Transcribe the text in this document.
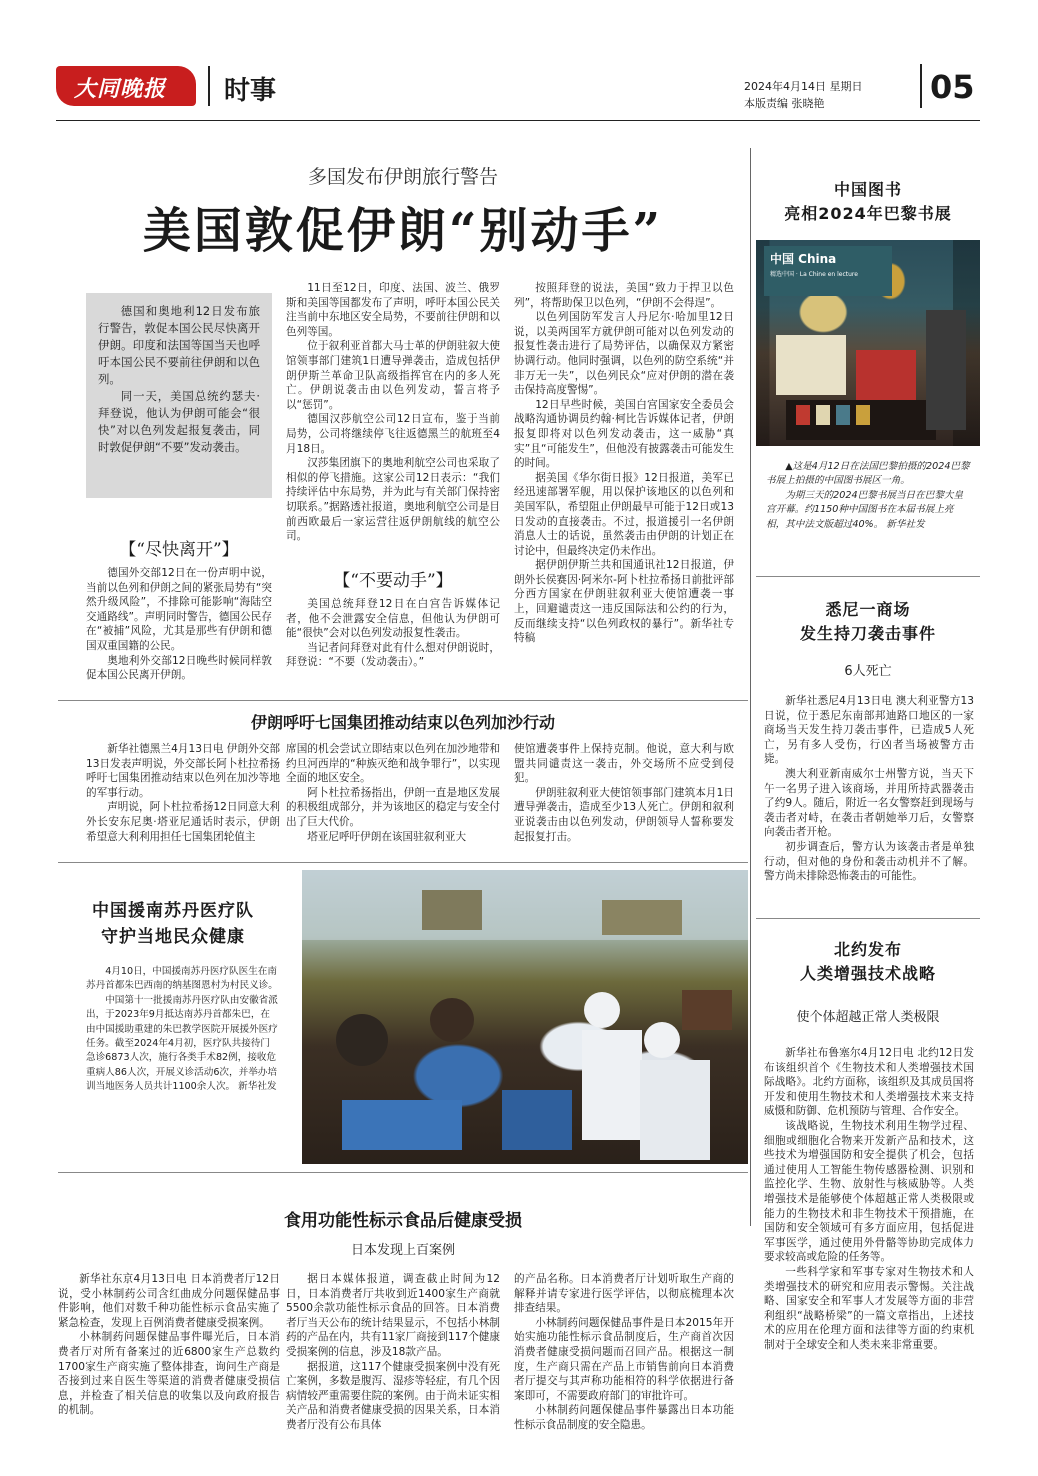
大同晚报 时事	2024年4月14日 星期日
本版责编 张晓艳	05
多国发布伊朗旅行警告
美国敦促伊朗“别动手”

德国和奥地利12日发布旅行警告，敦促本国公民尽快离开伊朗。印度和法国等国当天也呼吁本国公民不要前往伊朗和以色列。

同一天，美国总统约瑟夫·拜登说，他认为伊朗可能会“很快”对以色列发起报复袭击，同时敦促伊朗“不要”发动袭击。

【“尽快离开”】

德国外交部12日在一份声明中说，当前以色列和伊朗之间的紧张局势有“突然升级风险”，不排除可能影响“海陆空交通路线”。声明同时警告，德国公民存在“被捕”风险，尤其是那些有伊朗和德国双重国籍的公民。

奥地利外交部12日晚些时候同样敦促本国公民离开伊朗。

11日至12日，印度、法国、波兰、俄罗斯和美国等国都发布了声明，呼吁本国公民关注当前中东地区安全局势，不要前往伊朗和以色列等国。

位于叙利亚首都大马士革的伊朗驻叙大使馆领事部门建筑1日遭导弹袭击，造成包括伊朗伊斯兰革命卫队高级指挥官在内的多人死亡。伊朗说袭击由以色列发动，誓言将予以“惩罚”。

德国汉莎航空公司12日宣布，鉴于当前局势，公司将继续停飞往返德黑兰的航班至4月18日。

汉莎集团旗下的奥地利航空公司也采取了相似的停飞措施。这家公司12日表示：“我们持续评估中东局势，并为此与有关部门保持密切联系。”据路透社报道，奥地利航空公司是目前西欧最后一家运营往返伊朗航线的航空公司。

【“不要动手”】

美国总统拜登12日在白宫告诉媒体记者，他不会泄露安全信息，但他认为伊朗可能“很快”会对以色列发动报复性袭击。

当记者问拜登对此有什么想对伊朗说时，拜登说：“不要（发动袭击）。”

按照拜登的说法，美国“致力于捍卫以色列”，将帮助保卫以色列，“伊朗不会得逞”。

以色列国防军发言人丹尼尔·哈加里12日说，以美两国军方就伊朗可能对以色列发动的报复性袭击进行了局势评估，以确保双方紧密协调行动。他同时强调，以色列的防空系统“并非万无一失”，以色列民众“应对伊朗的潜在袭击保持高度警惕”。

12日早些时候，美国白宫国家安全委员会战略沟通协调员约翰·柯比告诉媒体记者，伊朗报复即将对以色列发动袭击，这一威胁“真实”且“可能发生”，但他没有披露袭击可能发生的时间。

据美国《华尔街日报》12日报道，美军已经迅速部署军舰，用以保护该地区的以色列和美国军队，希望阻止伊朗最早可能于12日或13日发动的直接袭击。不过，报道援引一名伊朗消息人士的话说，虽然袭击由伊朗的计划正在讨论中，但最终决定仍未作出。

据伊朗伊斯兰共和国通讯社12日报道，伊朗外长侯赛因·阿米尔-阿卜杜拉希扬日前批评部分西方国家在伊朗驻叙利亚大使馆遭袭一事上，回避谴责这一违反国际法和公约的行为，反而继续支持“以色列政权的暴行”。新华社专特稿

伊朗呼吁七国集团推动结束以色列加沙行动

新华社德黑兰4月13日电 伊朗外交部13日发表声明说，外交部长阿卜杜拉希扬呼吁七国集团推动结束以色列在加沙等地的军事行动。

声明说，阿卜杜拉希扬12日同意大利外长安东尼奥·塔亚尼通话时表示，伊朗希望意大利利用担任七国集团轮值主

席国的机会尝试立即结束以色列在加沙地带和约旦河西岸的“种族灭绝和战争罪行”，以实现全面的地区安全。

阿卜杜拉希扬指出，伊朗一直是地区发展的积极组成部分，并为该地区的稳定与安全付出了巨大代价。

塔亚尼呼吁伊朗在该国驻叙利亚大

使馆遭袭事件上保持克制。他说，意大利与欧盟共同谴责这一袭击，外交场所不应受到侵犯。

伊朗驻叙利亚大使馆领事部门建筑本月1日遭导弹袭击，造成至少13人死亡。伊朗和叙利亚说袭击由以色列发动，伊朗领导人誓称要发起报复打击。

中国援南苏丹医疗队
守护当地民众健康

4月10日，中国援南苏丹医疗队医生在南苏丹首都朱巴西南的纳基图恩村为村民义诊。

中国第十一批援南苏丹医疗队由安徽省派出，于2023年9月抵达南苏丹首都朱巴，在由中国援助重建的朱巴教学医院开展援外医疗任务。截至2024年4月初，医疗队共接待门急诊6873人次，施行各类手术82例，接收危重病人86人次，开展义诊活动6次，并举办培训当地医务人员共计1100余人次。 新华社发

食用功能性标示食品后健康受损
日本发现上百案例

新华社东京4月13日电 日本消费者厅12日说，受小林制药公司含红曲成分问题保健品事件影响，他们对数千种功能性标示食品实施了紧急检查，发现上百例消费者健康受损案例。

小林制药问题保健品事件曝光后，日本消费者厅对所有备案过的近6800家生产总数约1700家生产商实施了整体排查，询问生产商是否接到过来自医生等渠道的消费者健康受损信息，并检查了相关信息的收集以及向政府报告的机制。

据日本媒体报道，调查截止时间为12日，日本消费者厅共收到近1400家生产商就5500余款功能性标示食品的回答。日本消费者厅当天公布的统计结果显示，不包括小林制药的产品在内，共有11家厂商接到117个健康受损案例的信息，涉及18款产品。

据报道，这117个健康受损案例中没有死亡案例，多数是腹泻、湿疹等轻症，有几个因病情较严重需要住院的案例。由于尚未证实相关产品和消费者健康受损的因果关系，日本消费者厅没有公布具体

的产品名称。日本消费者厅计划听取生产商的解释并请专家进行医学评估，以彻底梳理本次排查结果。

小林制药问题保健品事件是日本2015年开始实施功能性标示食品制度后，生产商首次因消费者健康受损问题而召回产品。根据这一制度，生产商只需在产品上市销售前向日本消费者厅提交与其声称功能相符的科学依据进行备案即可，不需要政府部门的审批许可。

小林制药问题保健品事件暴露出日本功能性标示食品制度的安全隐患。

中国图书
亮相2024年巴黎书展
中国 China
精选中国 · La Chine en lecture

▲这是4月12日在法国巴黎拍摄的2024巴黎书展上拍摄的中国图书展区一角。

为期三天的2024巴黎书展当日在巴黎大皇宫开幕。约1150种中国图书在本届书展上亮相，其中法文版超过40%。 新华社发

悉尼一商场
发生持刀袭击事件
6人死亡

新华社悉尼4月13日电 澳大利亚警方13日说，位于悉尼东南部邦迪路口地区的一家商场当天发生持刀袭击事件，已造成5人死亡，另有多人受伤，行凶者当场被警方击毙。

澳大利亚新南威尔士州警方说，当天下午一名男子进入该商场，并用所持武器袭击了约9人。随后，附近一名女警察赶到现场与袭击者对峙，在袭击者朝她举刀后，女警察向袭击者开枪。

初步调查后，警方认为该袭击者是单独行动，但对他的身份和袭击动机并不了解。警方尚未排除恐怖袭击的可能性。

北约发布
人类增强技术战略
使个体超越正常人类极限

新华社布鲁塞尔4月12日电 北约12日发布该组织首个《生物技术和人类增强技术国际战略》。北约方面称，该组织及其成员国将开发和使用生物技术和人类增强技术来支持威慑和防御、危机预防与管理、合作安全。

该战略说，生物技术利用生物学过程、细胞或细胞化合物来开发新产品和技术，这些技术为增强国防和安全提供了机会，包括通过使用人工智能生物传感器检测、识别和监控化学、生物、放射性与核威胁等。人类增强技术是能够使个体超越正常人类极限或能力的生物技术和非生物技术干预措施，在国防和安全领域可有多方面应用，包括促进军事医学，通过使用外骨骼等协助完成体力要求较高或危险的任务等。

一些科学家和军事专家对生物技术和人类增强技术的研究和应用表示警惕。关注战略、国家安全和军事人才发展等方面的非营利组织“战略桥梁”的一篇文章指出，上述技术的应用在伦理方面和法律等方面的约束机制对于全球安全和人类未来非常重要。
